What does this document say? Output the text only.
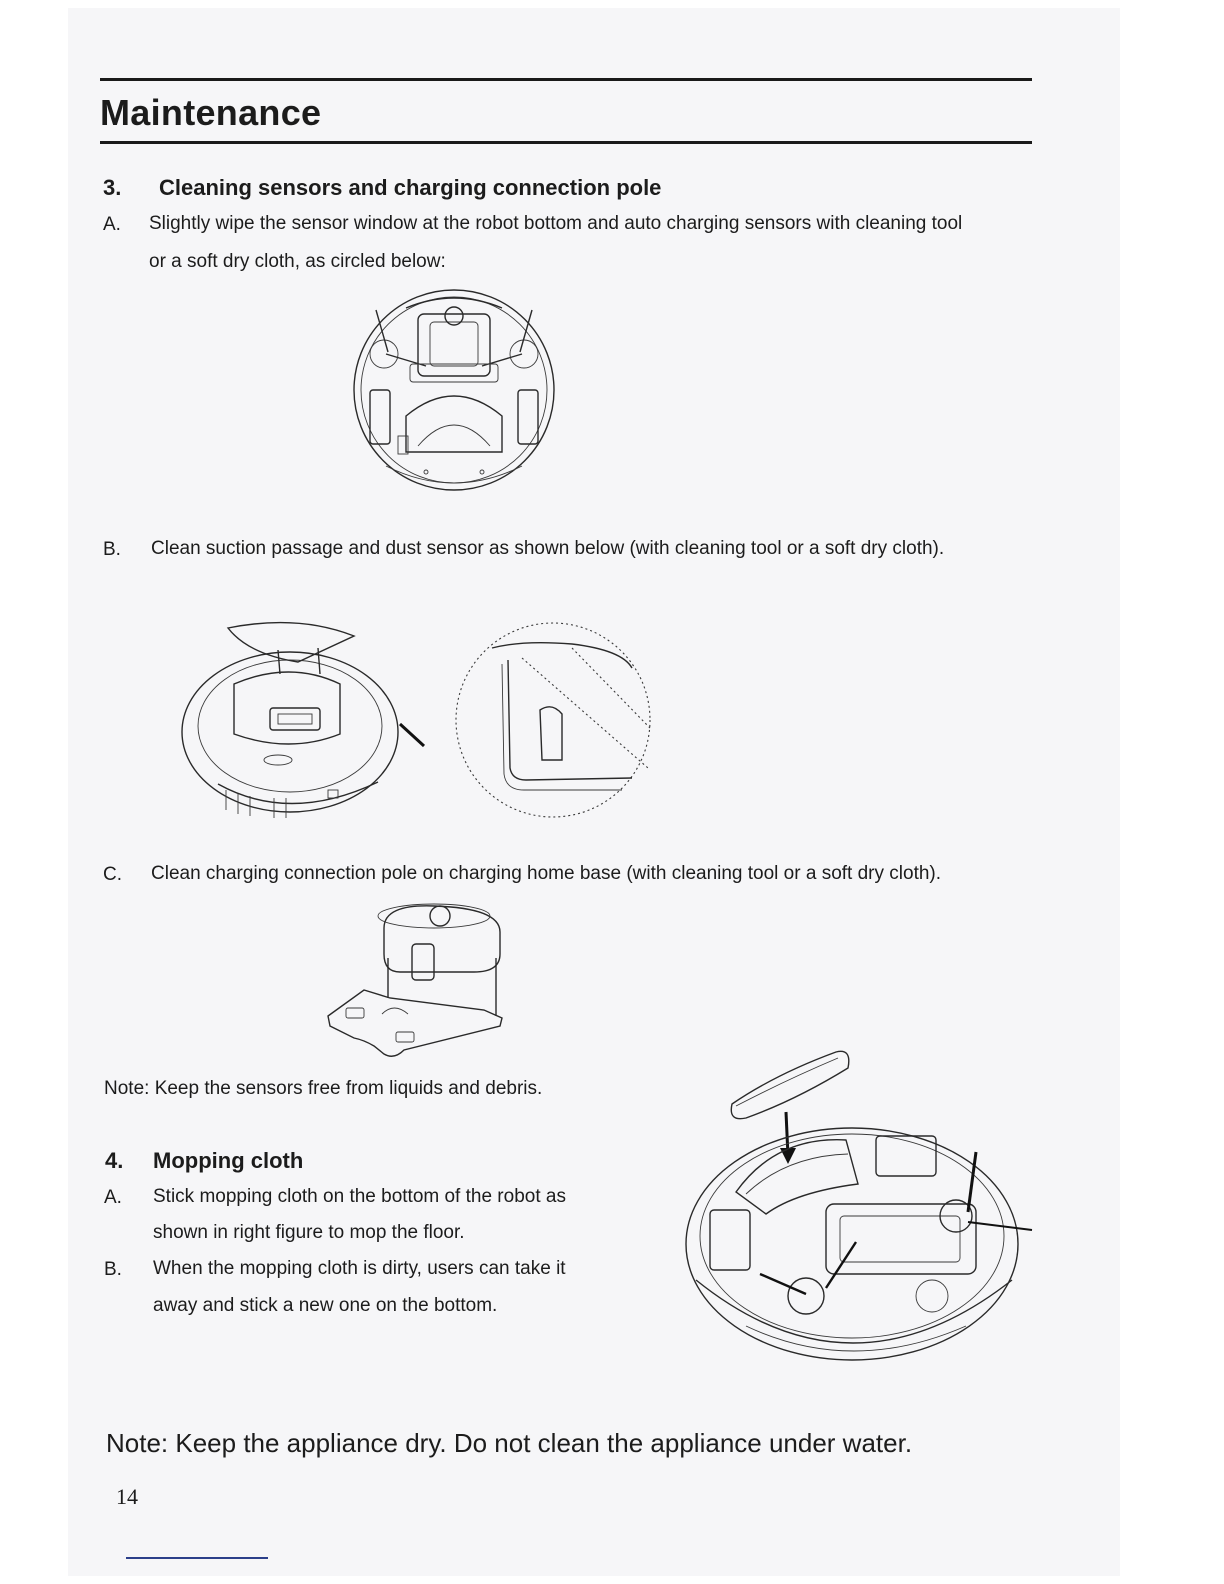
Maintenance
3. Cleaning sensors and charging connection pole
A. Slightly wipe the sensor window at the robot bottom and auto charging sensors with cleaning tool
or a soft dry cloth, as circled below:
B. Clean suction passage and dust sensor as shown below (with cleaning tool or a soft dry cloth).
C. Clean charging connection pole on charging home base (with cleaning tool or a soft dry cloth).
Note: Keep the sensors free from liquids and debris.
4. Mopping cloth
A. Stick mopping cloth on the bottom of the robot as
shown in right figure to mop the floor.
B. When the mopping cloth is dirty, users can take it
away and stick a new one on the bottom.
Note: Keep the appliance dry. Do not clean the appliance under water.
14
